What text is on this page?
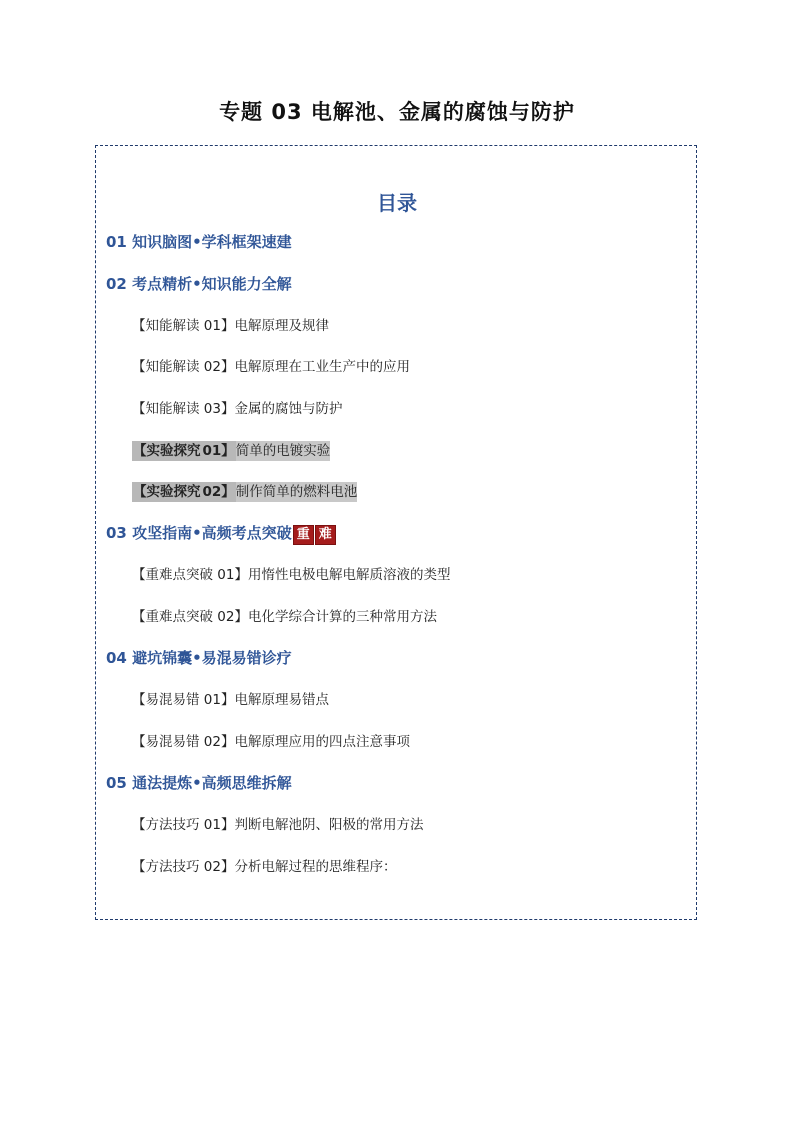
专题 03 电解池、金属的腐蚀与防护
目录
01 知识脑图•学科框架速建
02 考点精析•知识能力全解
【知能解读 01】电解原理及规律
【知能解读 02】电解原理在工业生产中的应用
【知能解读 03】金属的腐蚀与防护
【实验探究 01】简单的电镀实验
【实验探究 02】制作简单的燃料电池
03 攻坚指南•高频考点突破 重 难
【重难点突破 01】用惰性电极电解电解质溶液的类型
【重难点突破 02】电化学综合计算的三种常用方法
04 避坑锦囊•易混易错诊疗
【易混易错 01】电解原理易错点
【易混易错 02】电解原理应用的四点注意事项
05 通法提炼•高频思维拆解
【方法技巧 01】判断电解池阴、阳极的常用方法
【方法技巧 02】分析电解过程的思维程序：
